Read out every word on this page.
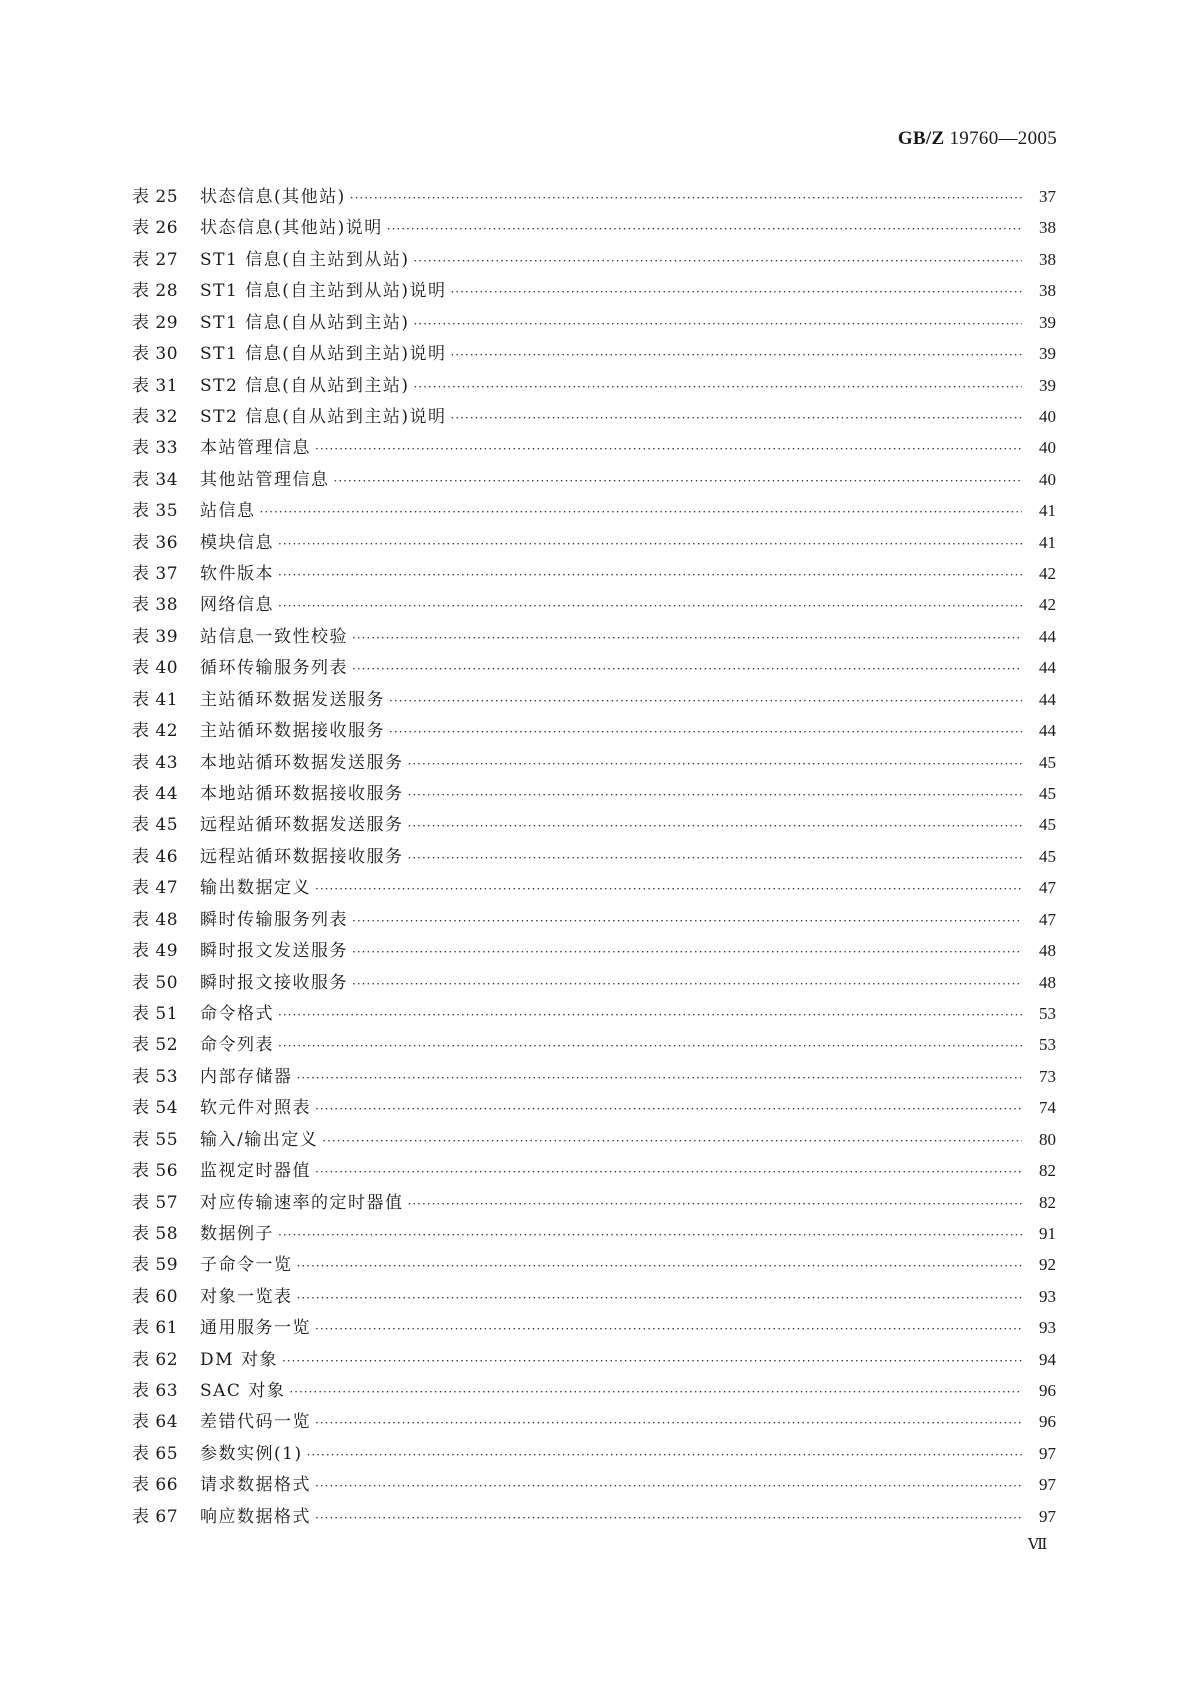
GB/Z 19760—2005
表 25	状态信息(其他站) ·····	37
表 26	状态信息(其他站)说明 ·····	38
表 27	ST1 信息(自主站到从站) ·····	38
表 28	ST1 信息(自主站到从站)说明 ·····	38
表 29	ST1 信息(自从站到主站) ·····	39
表 30	ST1 信息(自从站到主站)说明 ·····	39
表 31	ST2 信息(自从站到主站) ·····	39
表 32	ST2 信息(自从站到主站)说明 ·····	40
表 33	本站管理信息 ·····	40
表 34	其他站管理信息 ·····	40
表 35	站信息 ·····	41
表 36	模块信息 ·····	41
表 37	软件版本 ·····	42
表 38	网络信息 ·····	42
表 39	站信息一致性校验 ·····	44
表 40	循环传输服务列表 ·····	44
表 41	主站循环数据发送服务 ·····	44
表 42	主站循环数据接收服务 ·····	44
表 43	本地站循环数据发送服务 ·····	45
表 44	本地站循环数据接收服务 ·····	45
表 45	远程站循环数据发送服务 ·····	45
表 46	远程站循环数据接收服务 ·····	45
表 47	输出数据定义 ·····	47
表 48	瞬时传输服务列表 ·····	47
表 49	瞬时报文发送服务 ·····	48
表 50	瞬时报文接收服务 ·····	48
表 51	命令格式 ·····	53
表 52	命令列表 ·····	53
表 53	内部存储器 ·····	73
表 54	软元件对照表 ·····	74
表 55	输入/输出定义 ·····	80
表 56	监视定时器值 ·····	82
表 57	对应传输速率的定时器值 ·····	82
表 58	数据例子 ·····	91
表 59	子命令一览 ·····	92
表 60	对象一览表 ·····	93
表 61	通用服务一览 ·····	93
表 62	DM 对象 ·····	94
表 63	SAC 对象 ·····	96
表 64	差错代码一览 ·····	96
表 65	参数实例(1) ·····	97
表 66	请求数据格式 ·····	97
表 67	响应数据格式 ·····	97
Ⅶ
